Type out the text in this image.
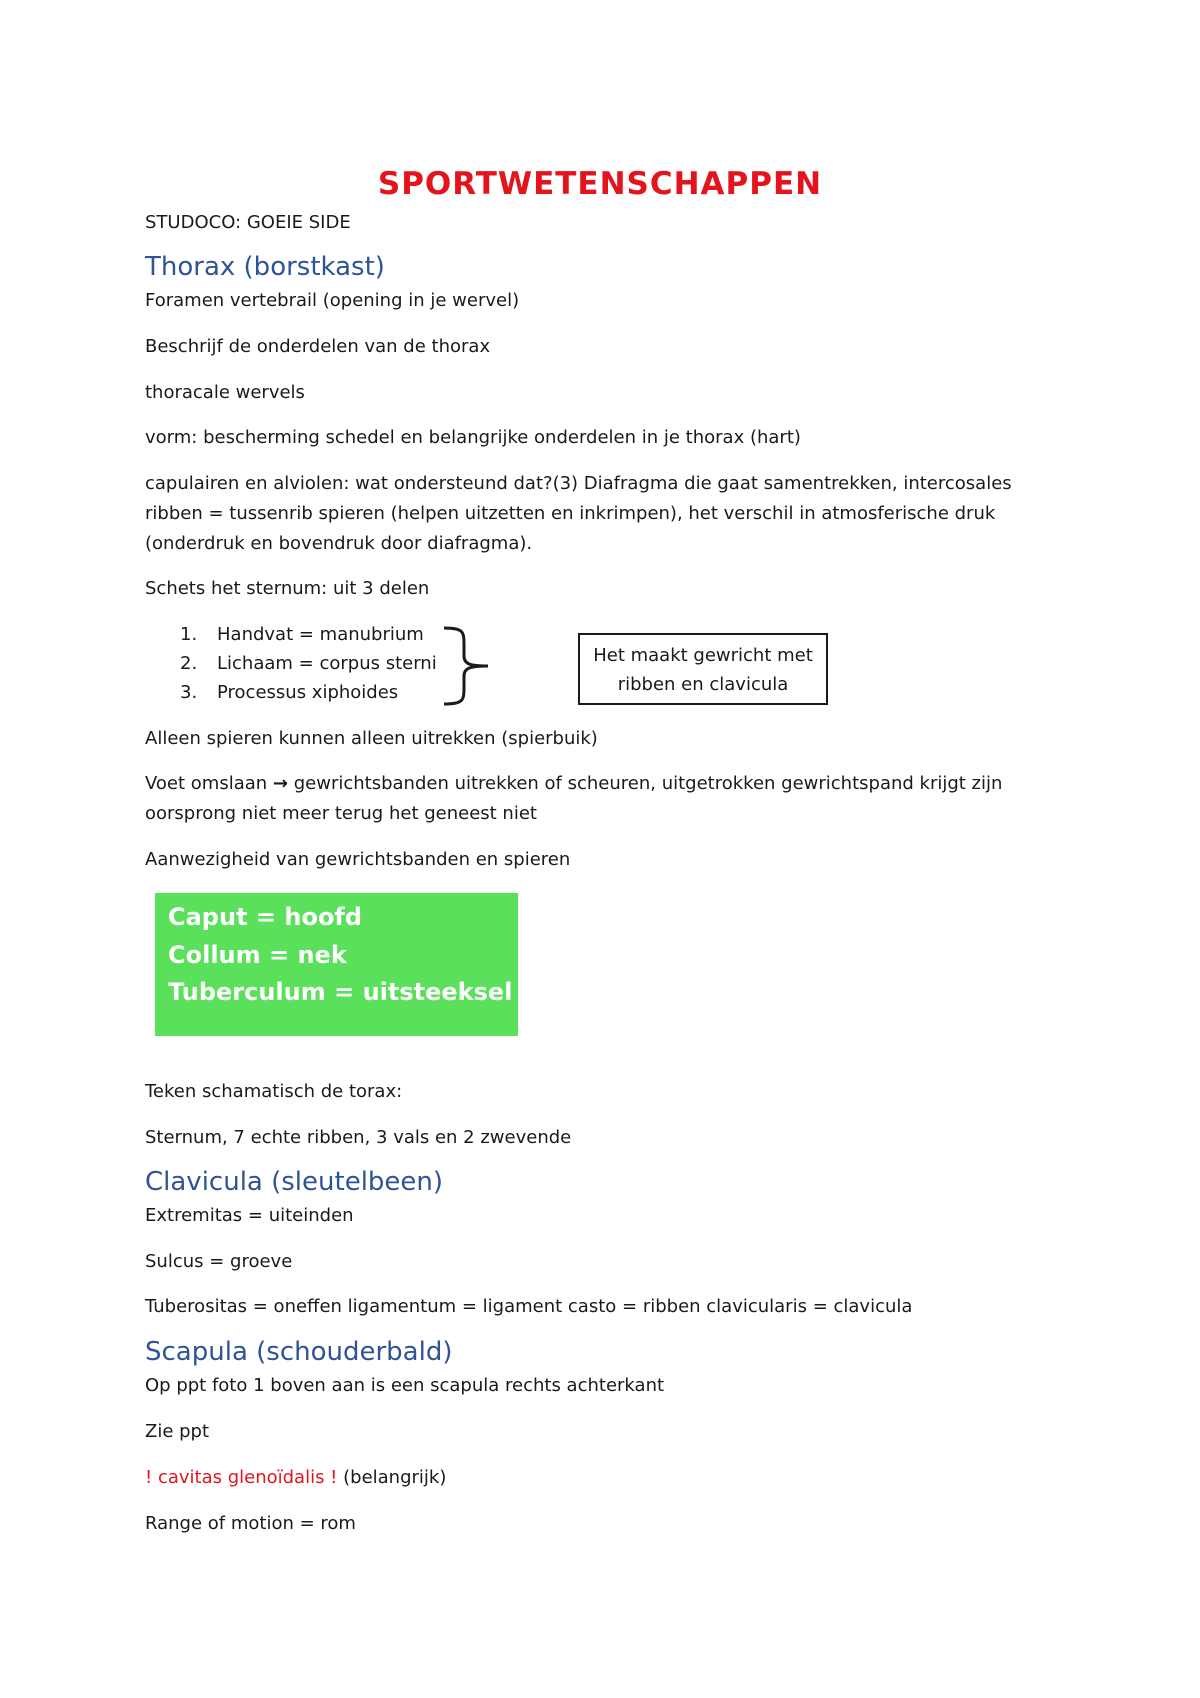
SPORTWETENSCHAPPEN
STUDOCO: GOEIE SIDE
Thorax (borstkast)
Foramen vertebrail (opening in je wervel)
Beschrijf de onderdelen van de thorax
thoracale wervels
vorm: bescherming schedel en belangrijke onderdelen in je thorax (hart)
capulairen en alviolen: wat ondersteund dat?(3) Diafragma die gaat samentrekken, intercosales
ribben = tussenrib spieren (helpen uitzetten en inkrimpen), het verschil in atmosferische druk
(onderdruk en bovendruk door diafragma).
Schets het sternum: uit 3 delen
1. Handvat = manubrium
2. Lichaam = corpus sterni
3. Processus xiphoides
Het maakt gewricht met
ribben en clavicula
Alleen spieren kunnen alleen uitrekken (spierbuik)
Voet omslaan → gewrichtsbanden uitrekken of scheuren, uitgetrokken gewrichtspand krijgt zijn
oorsprong niet meer terug het geneest niet
Aanwezigheid van gewrichtsbanden en spieren
Caput = hoofd
Collum = nek
Tuberculum = uitsteeksel
Teken schamatisch de torax:
Sternum, 7 echte ribben, 3 vals en 2 zwevende
Clavicula (sleutelbeen)
Extremitas = uiteinden
Sulcus = groeve
Tuberositas = oneffen ligamentum = ligament casto = ribben clavicularis = clavicula
Scapula (schouderbald)
Op ppt foto 1 boven aan is een scapula rechts achterkant
Zie ppt
! cavitas glenoïdalis ! (belangrijk)
Range of motion = rom
